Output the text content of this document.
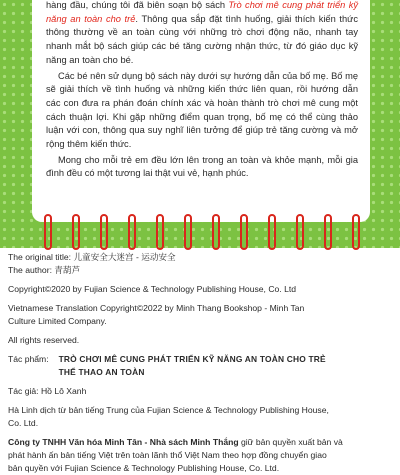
hàng đầu, chúng tôi đã biên soạn bộ sách Trò chơi mê cung phát triển kỹ năng an toàn cho trẻ. Thông qua sắp đặt tình huống, giải thích kiến thức thông thường về an toàn cùng với những trò chơi động não, nhanh tay nhanh mắt bộ sách giúp các bé tăng cường nhận thức, từ đó giáo dục kỹ năng an toàn cho bé.

Các bé nên sử dụng bộ sách này dưới sự hướng dẫn của bố mẹ. Bố mẹ sẽ giải thích về tình huống và những kiến thức liên quan, rồi hướng dẫn các con đưa ra phán đoán chính xác và hoàn thành trò chơi mê cung một cách thuận lợi. Khi gặp những điểm quan trọng, bố mẹ có thể cùng thảo luận với con, thông qua suy nghĩ liên tưởng để giúp trẻ tăng cường và mở rộng thêm kiến thức.

Mong cho mỗi trẻ em đều lớn lên trong an toàn và khỏe mạnh, mỗi gia đình đều có một tương lai thật vui vẻ, hạnh phúc.

The original title: 儿童安全大迷宫 - 运动安全
The author: 青葫芦
Copyright©2020 by Fujian Science & Technology Publishing House, Co. Ltd
Vietnamese Translation Copyright©2022 by Minh Thang Bookshop - Minh Tan
Culture Limited Company.
All rights reserved.
Tác phẩm: TRÒ CHƠI MÊ CUNG PHÁT TRIỂN KỸ NĂNG AN TOÀN CHO TRẺ
THỂ THAO AN TOÀN
Tác giả: Hồ Lô Xanh
Hà Linh dịch từ bản tiếng Trung của Fujian Science & Technology Publishing House,
Co. Ltd.
Công ty TNHH Văn hóa Minh Tân - Nhà sách Minh Thắng giữ bản quyền xuất bản và
phát hành ấn bản tiếng Việt trên toàn lãnh thổ Việt Nam theo hợp đồng chuyển giao
bản quyền với Fujian Science & Technology Publishing House, Co. Ltd.
